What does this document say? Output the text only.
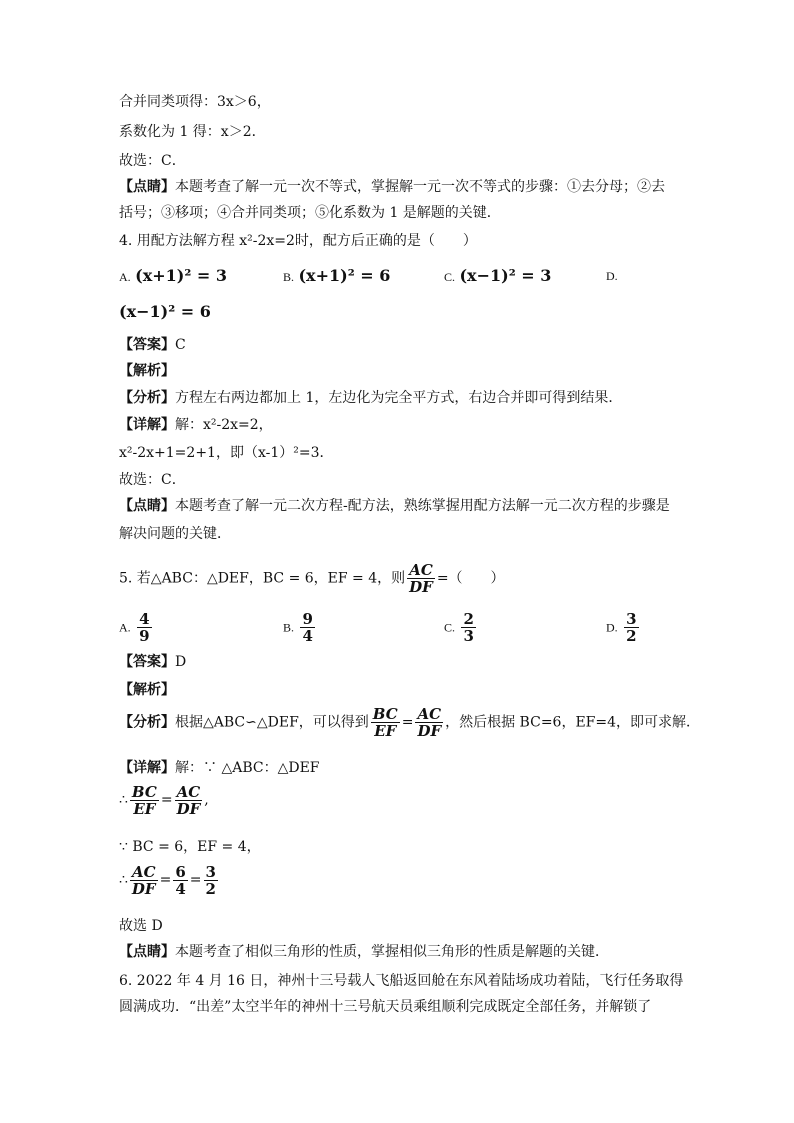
合并同类项得：3x＞6，
系数化为 1 得：x＞2．
故选：C．
【点睛】本题考查了解一元一次不等式，掌握解一元一次不等式的步骤：①去分母；②去
括号；③移项；④合并同类项；⑤化系数为 1 是解题的关键．
4. 用配方法解方程 x²-2x=2时，配方后正确的是（　　）
A. (x+1)² = 3	B. (x+1)² = 6	C. (x−1)² = 3	D.
(x−1)² = 6
【答案】C
【解析】
【分析】方程左右两边都加上 1，左边化为完全平方式，右边合并即可得到结果．
【详解】解：x²-2x=2，
x²-2x+1=2+1，即（x-1）²=3．
故选：C．
【点睛】本题考查了解一元二次方程-配方法，熟练掌握用配方法解一元二次方程的步骤是
解决问题的关键．
5. 若△ABC：△DEF，BC = 6，EF = 4，则 $\frac{AC}{DF}$ =（　　）
A. $\frac{4}{9}$	B. $\frac{9}{4}$	C. $\frac{2}{3}$	D. $\frac{3}{2}$
【答案】D
【解析】
【分析】根据△ABC∽△DEF，可以得到 $\frac{BC}{EF} = \frac{AC}{DF}$ ，然后根据 BC=6，EF=4，即可求解．
【详解】解：∵ △ABC：△DEF
∴ $\frac{BC}{EF} = \frac{AC}{DF}$ ,
∵ BC = 6，EF = 4，
∴ $\frac{AC}{DF} = \frac{6}{4} = \frac{3}{2}$
故选 D
【点睛】本题考查了相似三角形的性质，掌握相似三角形的性质是解题的关键．
6. 2022 年 4 月 16 日，神州十三号载人飞船返回舱在东风着陆场成功着陆，飞行任务取得
圆满成功．“出差”太空半年的神州十三号航天员乘组顺利完成既定全部任务，并解锁了
